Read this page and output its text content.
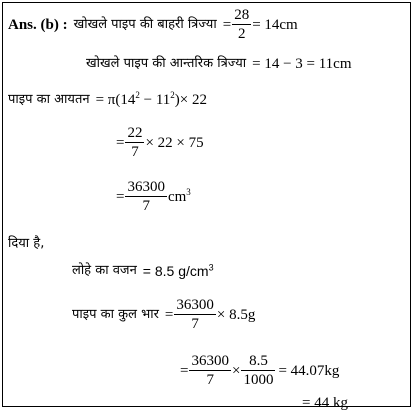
Ans. (b) : खोखले पाइप की बाहरी त्रिज्या = $\frac{28}{2} = 14cm$
खोखले पाइप की आन्तरिक त्रिज्या = 14 − 3 = 11cm
पाइप का आयतन = $\pi(14^2 - 11^2)\times 22$
= $\frac{22}{7} \times 22 \times 75$
= $\frac{36300}{7} cm^3$
दिया है,
लोहे का वजन = 8.5 $g/cm^3$
पाइप का कुल भार = $\frac{36300}{7} \times 8.5g$
= $\frac{36300}{7} \times \frac{8.5}{1000} = 44.07kg$
= 44 kg
